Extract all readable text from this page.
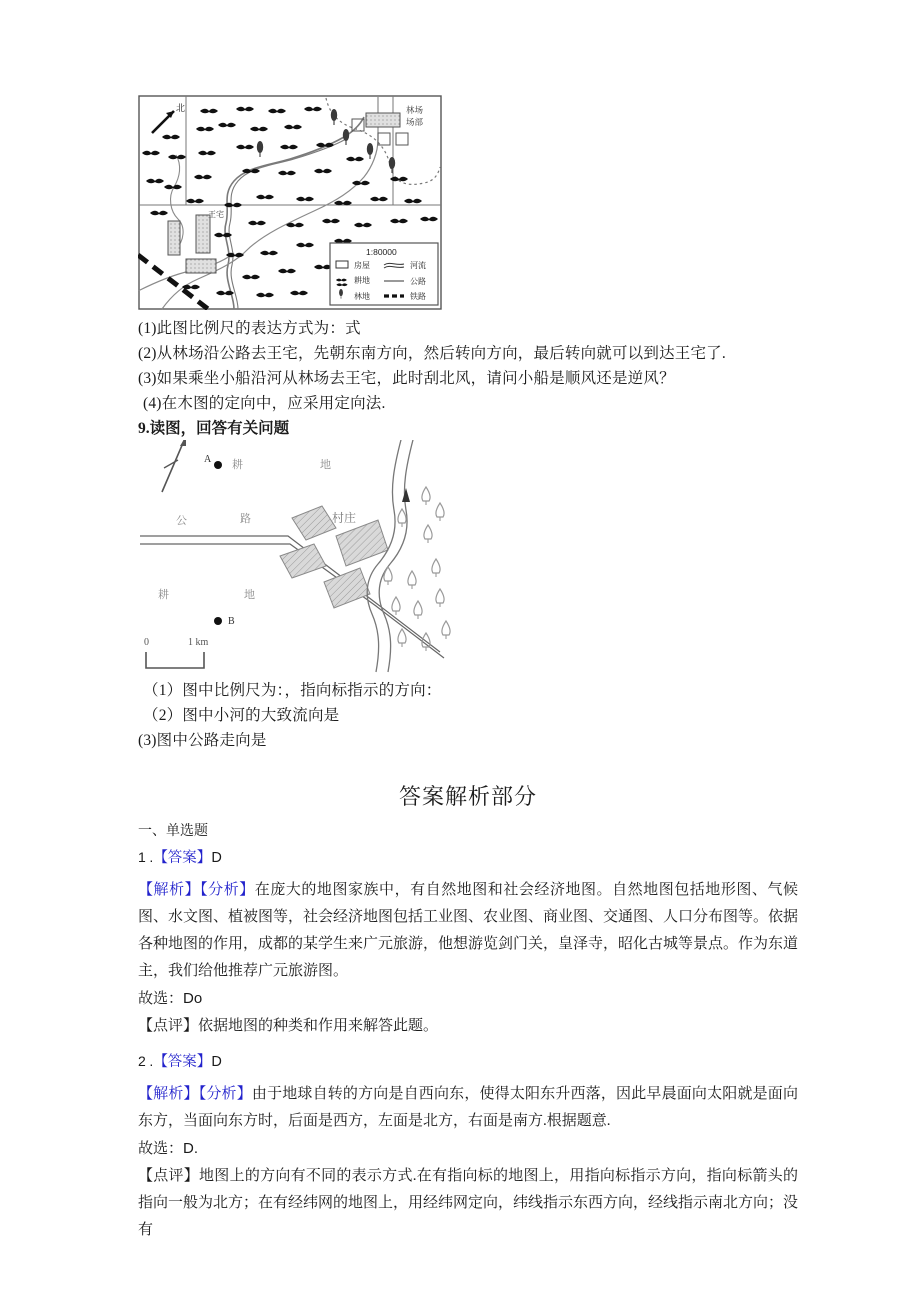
北
王宅
林场
场部
1:80000
房屋	河流
耕地	公路
林地	铁路
(1)此图比例尺的表达方式为：式
(2)从林场沿公路去王宅，先朝东南方向，然后转向方向，最后转向就可以到达王宅了.
(3)如果乘坐小船沿河从林场去王宅，此时刮北风，请问小船是顺风还是逆风？
(4)在木图的定向中，应采用定向法.
9.读图，回答有关问题
A 耕	地
公	路	村庄
耕	地
B
0	1 km
（1）图中比例尺为：，指向标指示的方向：
（2）图中小河的大致流向是
(3)图中公路走向是
答案解析部分
一、单选题
1 .【答案】D
【解析】【分析】在庞大的地图家族中，有自然地图和社会经济地图。自然地图包括地形图、气候图、水文图、植被图等，社会经济地图包括工业图、农业图、商业图、交通图、人口分布图等。依据各种地图的作用，成都的某学生来广元旅游，他想游览剑门关，皇泽寺，昭化古城等景点。作为东道主，我们给他推荐广元旅游图。
故选：Do
【点评】依据地图的种类和作用来解答此题。
2 .【答案】D
【解析】【分析】由于地球自转的方向是自西向东，使得太阳东升西落，因此早晨面向太阳就是面向东方，当面向东方时，后面是西方，左面是北方，右面是南方.根据题意.
故选：D.
【点评】地图上的方向有不同的表示方式.在有指向标的地图上，用指向标指示方向，指向标箭头的指向一般为北方；在有经纬网的地图上，用经纬网定向，纬线指示东西方向，经线指示南北方向；没有
